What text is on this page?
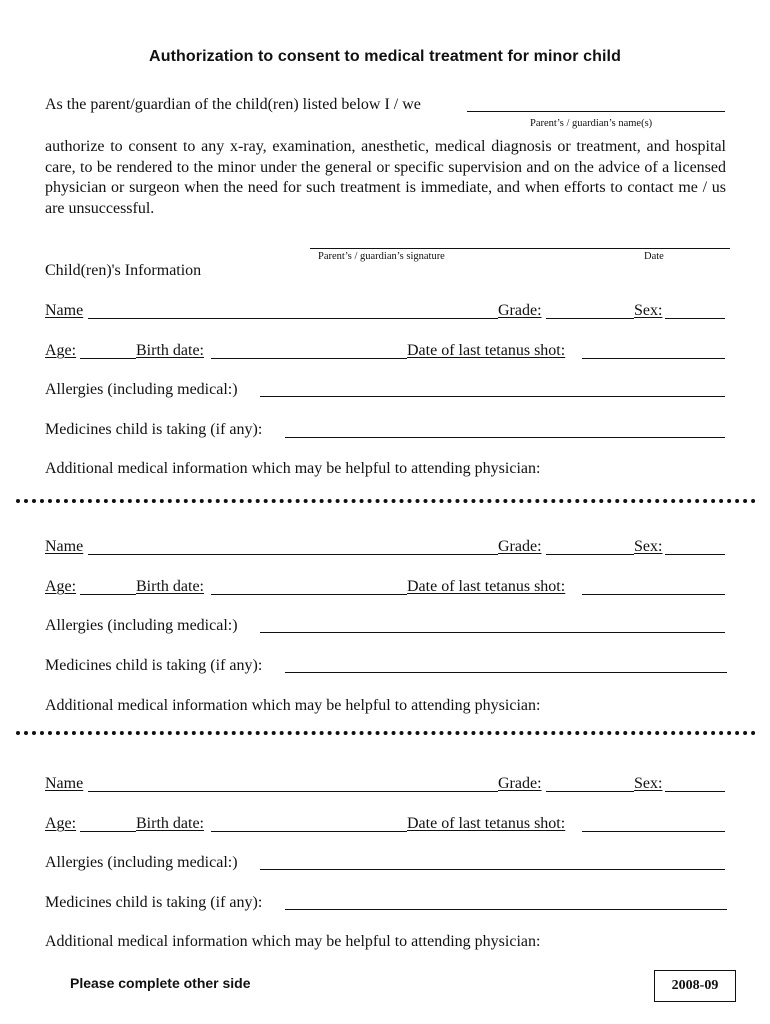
Authorization to consent to medical treatment for minor child
As the parent/guardian of the child(ren) listed below I / we
Parent’s / guardian’s name(s)
authorize to consent to any x-ray, examination, anesthetic, medical diagnosis or treatment, and hospital care, to be rendered to the minor under the general or specific supervision and on the advice of a licensed physician or surgeon when the need for such treatment is immediate, and when efforts to contact me / us are unsuccessful.
Parent’s / guardian’s signature	Date
Child(ren)'s Information
Name	Grade:	Sex:
Age:	Birth date:	Date of last tetanus shot:
Allergies (including medical:)
Medicines child is taking (if any):
Additional medical information which may be helpful to attending physician:
Name	Grade:	Sex:
Age:	Birth date:	Date of last tetanus shot:
Allergies (including medical:)
Medicines child is taking (if any):
Additional medical information which may be helpful to attending physician:
Name	Grade:	Sex:
Age:	Birth date:	Date of last tetanus shot:
Allergies (including medical:)
Medicines child is taking (if any):
Additional medical information which may be helpful to attending physician:
Please complete other side	2008-09
